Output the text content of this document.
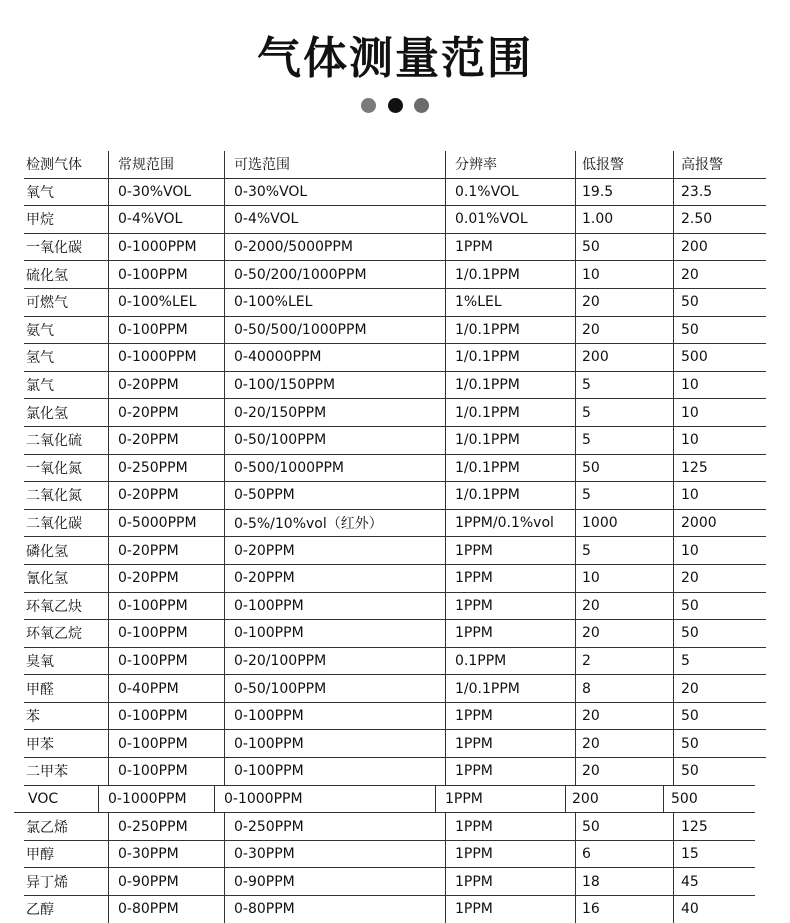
气体测量范围
检测气体	常规范围	可选范围	分辨率	低报警	高报警
氧气	0-30%VOL	0-30%VOL	0.1%VOL	19.5	23.5
甲烷	0-4%VOL	0-4%VOL	0.01%VOL	1.00	2.50
一氧化碳	0-1000PPM	0-2000/5000PPM	1PPM	50	200
硫化氢	0-100PPM	0-50/200/1000PPM	1/0.1PPM	10	20
可燃气	0-100%LEL	0-100%LEL	1%LEL	20	50
氨气	0-100PPM	0-50/500/1000PPM	1/0.1PPM	20	50
氢气	0-1000PPM	0-40000PPM	1/0.1PPM	200	500
氯气	0-20PPM	0-100/150PPM	1/0.1PPM	5	10
氯化氢	0-20PPM	0-20/150PPM	1/0.1PPM	5	10
二氧化硫	0-20PPM	0-50/100PPM	1/0.1PPM	5	10
一氧化氮	0-250PPM	0-500/1000PPM	1/0.1PPM	50	125
二氧化氮	0-20PPM	0-50PPM	1/0.1PPM	5	10
二氧化碳	0-5000PPM	0-5%/10%vol（红外）	1PPM/0.1%vol	1000	2000
磷化氢	0-20PPM	0-20PPM	1PPM	5	10
氰化氢	0-20PPM	0-20PPM	1PPM	10	20
环氧乙炔	0-100PPM	0-100PPM	1PPM	20	50
环氧乙烷	0-100PPM	0-100PPM	1PPM	20	50
臭氧	0-100PPM	0-20/100PPM	0.1PPM	2	5
甲醛	0-40PPM	0-50/100PPM	1/0.1PPM	8	20
苯	0-100PPM	0-100PPM	1PPM	20	50
甲苯	0-100PPM	0-100PPM	1PPM	20	50
二甲苯	0-100PPM	0-100PPM	1PPM	20	50
VOC	0-1000PPM	0-1000PPM	1PPM	200	500
氯乙烯	0-250PPM	0-250PPM	1PPM	50	125
甲醇	0-30PPM	0-30PPM	1PPM	6	15
异丁烯	0-90PPM	0-90PPM	1PPM	18	45
乙醇	0-80PPM	0-80PPM	1PPM	16	40
